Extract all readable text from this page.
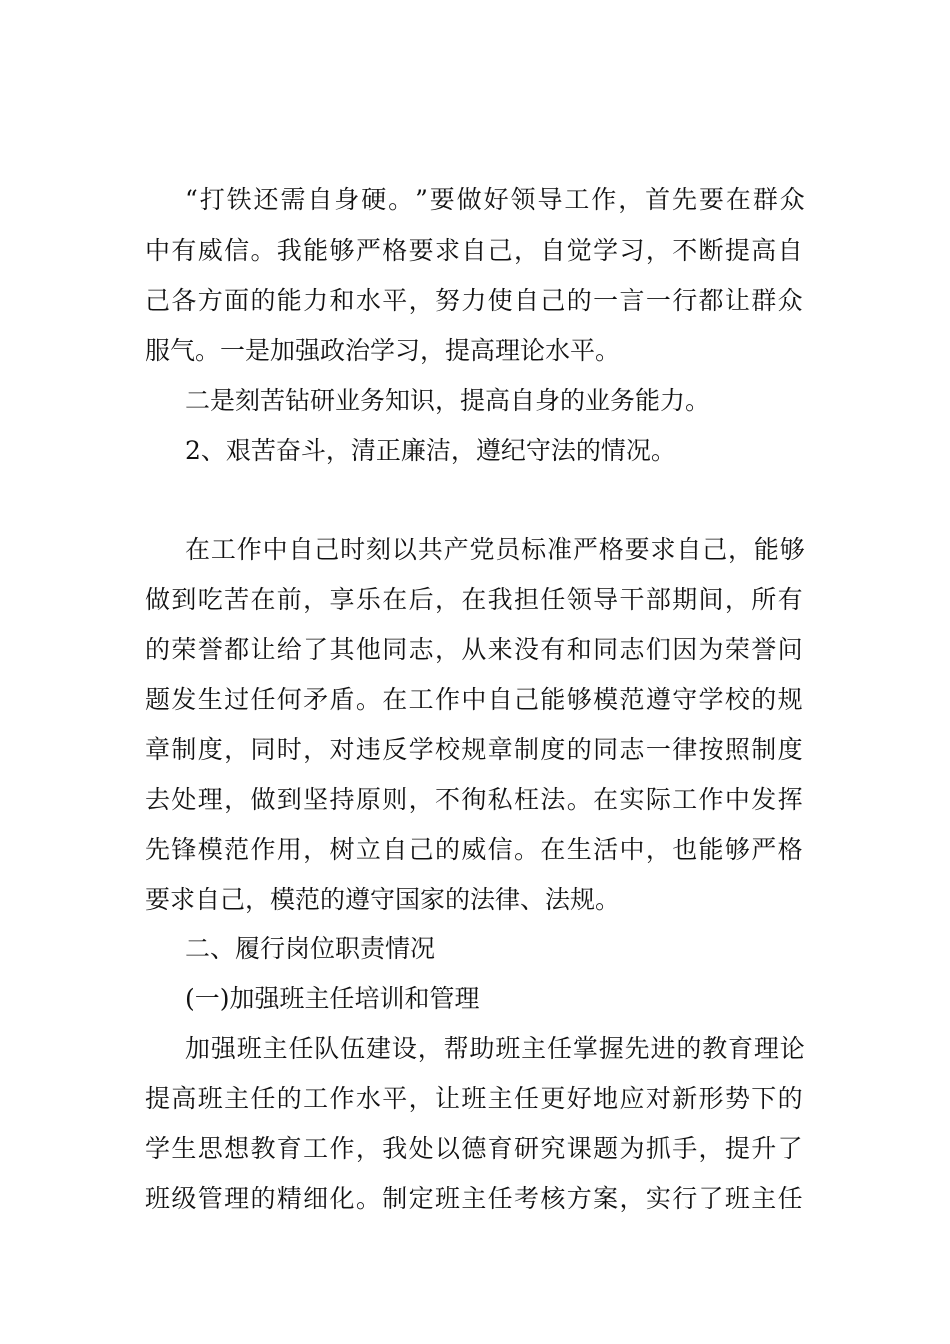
“ 打 铁 还 需 自 身 硬 。 ” 要 做 好 领 导 工 作 ， 首 先 要 在 群 众

中 有 威 信 。 我 能 够 严 格 要 求 自 己 ， 自 觉 学 习 ， 不 断 提 高 自

己 各 方 面 的 能 力 和 水 平 ， 努 力 使 自 己 的 一 言 一 行 都 让 群 众

服气。一是加强政治学习，提高理论水平。

二是刻苦钻研业务知识，提高自身的业务能力。

2、艰苦奋斗，清正廉洁，遵纪守法的情况。

在 工 作 中 自 己 时 刻 以 共 产 党 员 标 准 严 格 要 求 自 己 ， 能 够

做 到 吃 苦 在 前 ， 享 乐 在 后 ， 在 我 担 任 领 导 干 部 期 间 ， 所 有

的 荣 誉 都 让 给 了 其 他 同 志 ， 从 来 没 有 和 同 志 们 因 为 荣 誉 问

题 发 生 过 任 何 矛 盾 。 在 工 作 中 自 己 能 够 模 范 遵 守 学 校 的 规

章 制 度 ， 同 时 ， 对 违 反 学 校 规 章 制 度 的 同 志 一 律 按 照 制 度

去 处 理 ， 做 到 坚 持 原 则 ， 不 徇 私 枉 法 。 在 实 际 工 作 中 发 挥

先 锋 模 范 作 用 ， 树 立 自 己 的 威 信 。 在 生 活 中 ， 也 能 够 严 格

要求自己，模范的遵守国家的法律、法规。

二、履行岗位职责情况

(一)加强班主任培训和管理

加 强 班 主 任 队 伍 建 设 ， 帮 助 班 主 任 掌 握 先 进 的 教 育 理 论

提 高 班 主 任 的 工 作 水 平 ， 让 班 主 任 更 好 地 应 对 新 形 势 下 的

学 生 思 想 教 育 工 作 ， 我 处 以 德 育 研 究 课 题 为 抓 手 ， 提 升 了

班 级 管 理 的 精 细 化 。 制 定 班 主 任 考 核 方 案 ， 实 行 了 班 主 任
